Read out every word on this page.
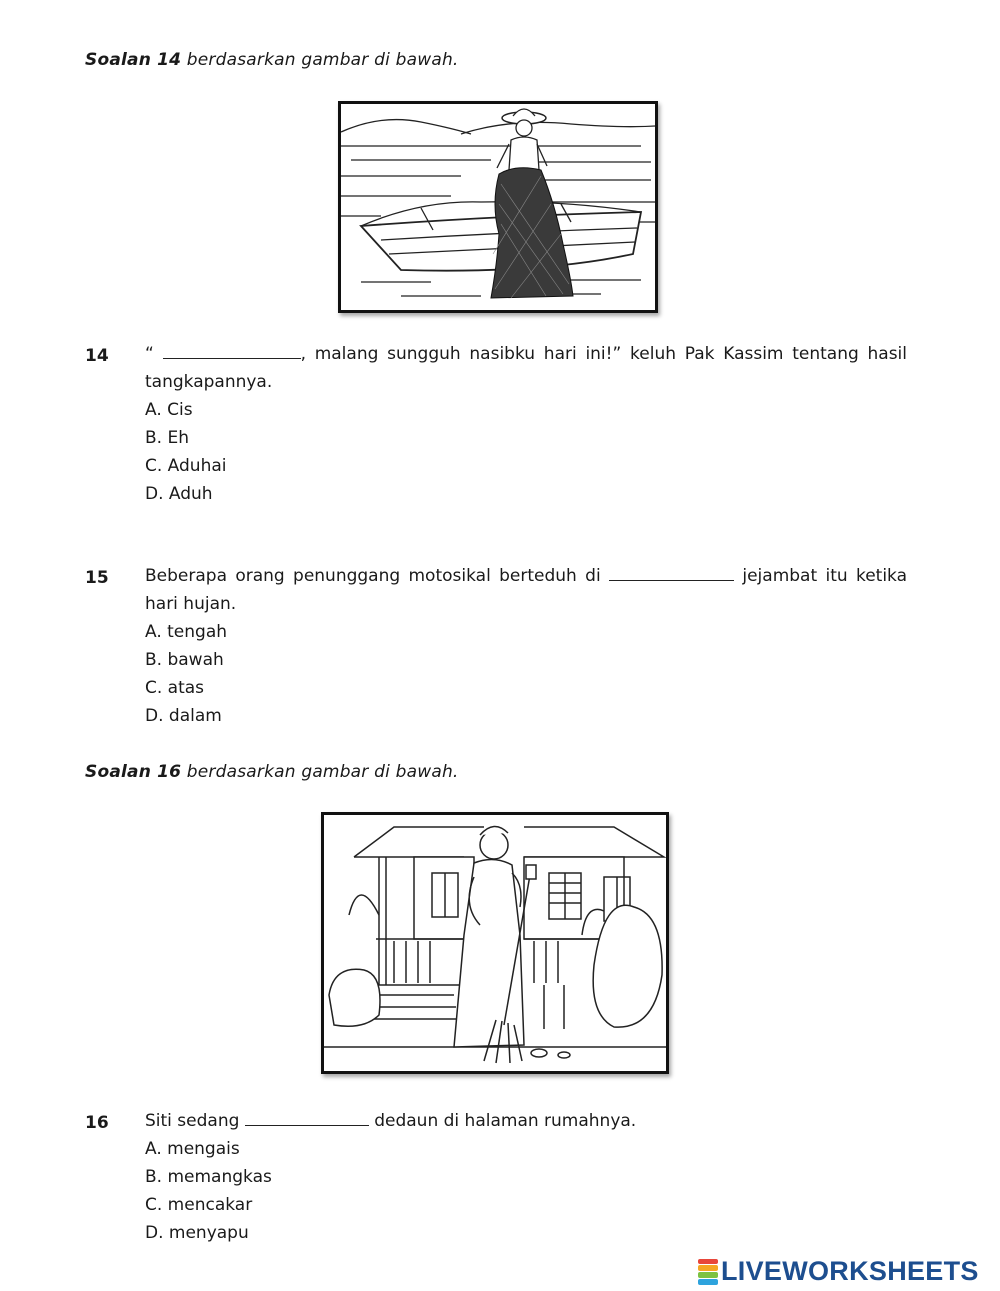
Soalan 14 berdasarkan gambar di bawah.
14 “	, malang sungguh nasibku hari ini!” keluh Pak Kassim tentang hasil tangkapannya.
A. Cis
B. Eh
C. Aduhai
D. Aduh
15 Beberapa orang penunggang motosikal berteduh di	jejambat itu ketika hari hujan.
A. tengah
B. bawah
C. atas
D. dalam
Soalan 16 berdasarkan gambar di bawah.
16 Siti sedang	dedaun di halaman rumahnya.
A. mengais
B. memangkas
C. mencakar
D. menyapu
LIVEWORKSHEETS
